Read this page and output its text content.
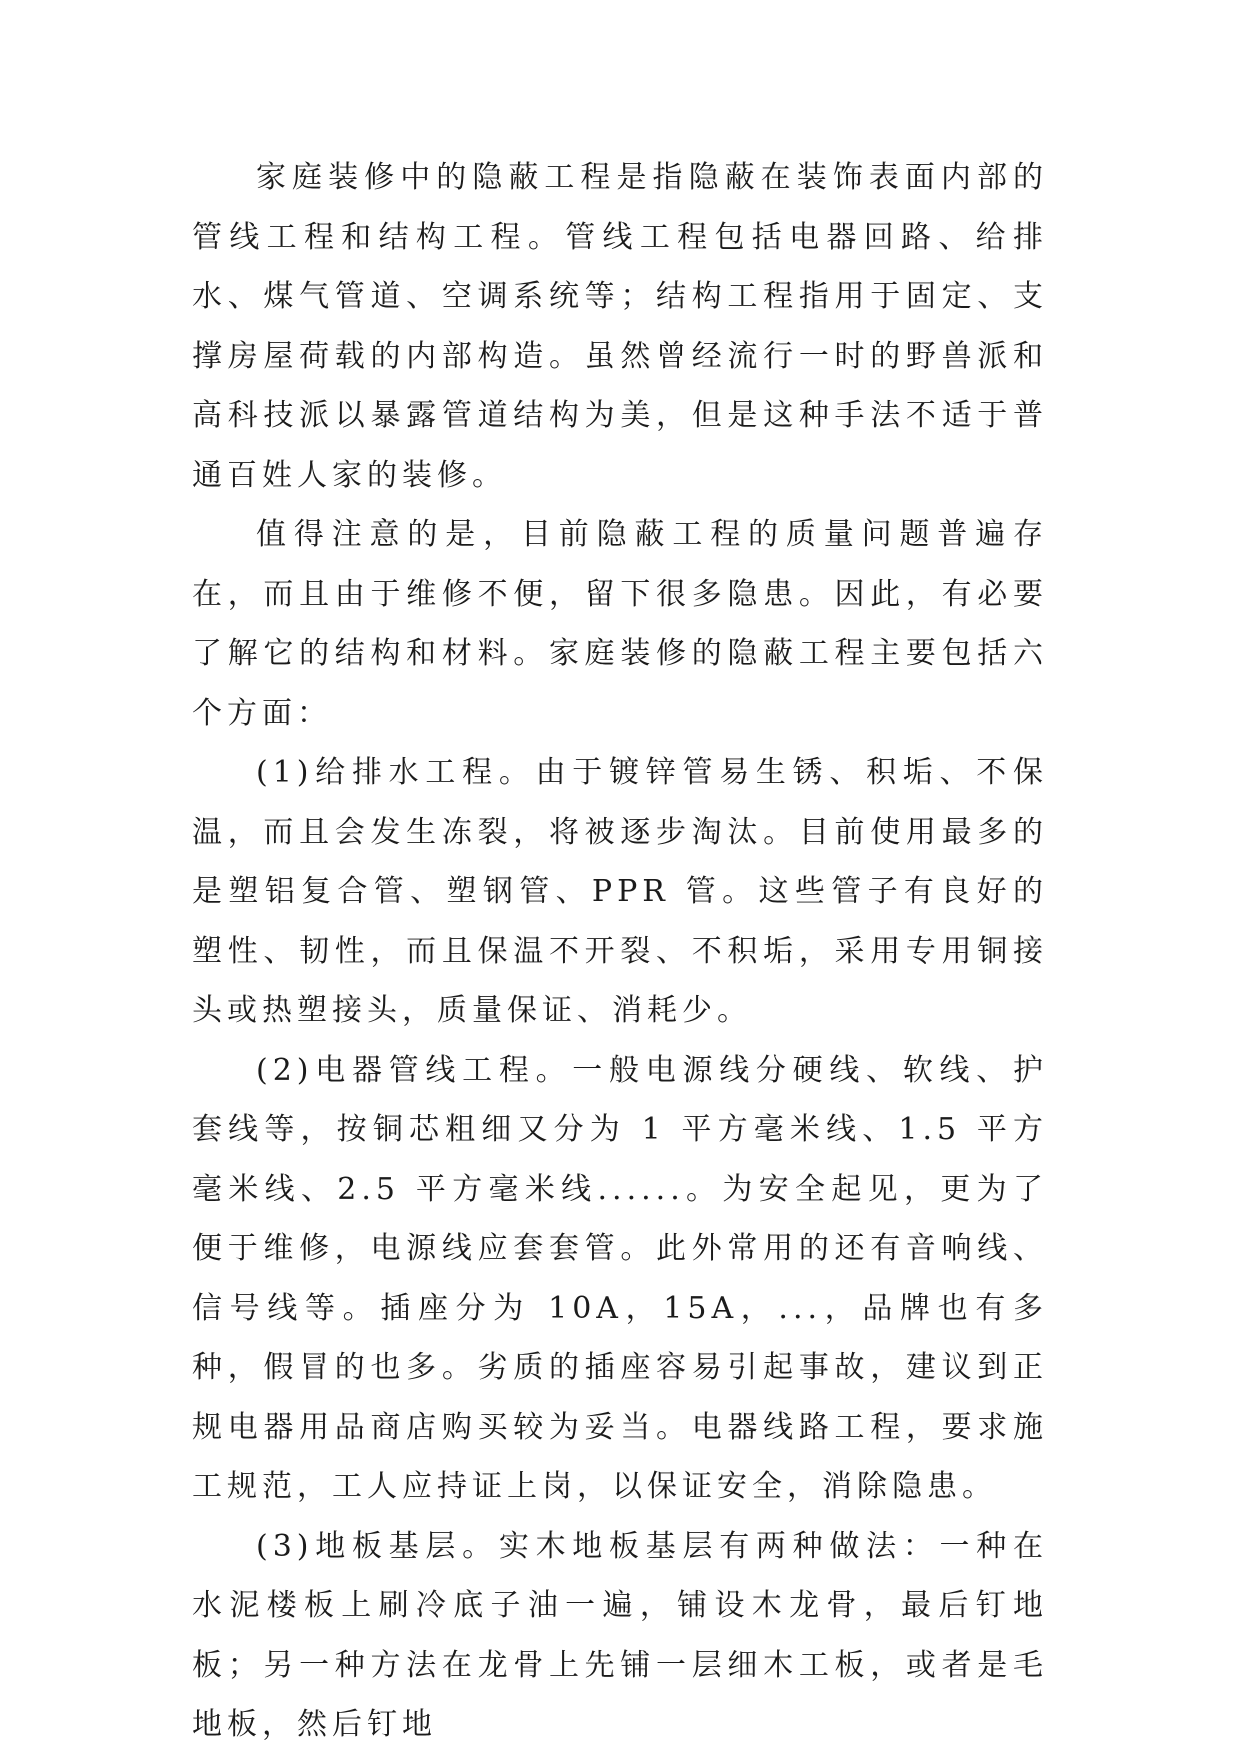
家庭装修中的隐蔽工程是指隐蔽在装饰表面内部的管线工程和结构工程。管线工程包括电器回路、给排水、煤气管道、空调系统等；结构工程指用于固定、支撑房屋荷载的内部构造。虽然曾经流行一时的野兽派和高科技派以暴露管道结构为美，但是这种手法不适于普通百姓人家的装修。

值得注意的是，目前隐蔽工程的质量问题普遍存在，而且由于维修不便，留下很多隐患。因此，有必要了解它的结构和材料。家庭装修的隐蔽工程主要包括六个方面：

(1)给排水工程。由于镀锌管易生锈、积垢、不保温，而且会发生冻裂，将被逐步淘汰。目前使用最多的是塑铝复合管、塑钢管、PPR 管。这些管子有良好的塑性、韧性，而且保温不开裂、不积垢，采用专用铜接头或热塑接头，质量保证、消耗少。

(2)电器管线工程。一般电源线分硬线、软线、护套线等，按铜芯粗细又分为 1 平方毫米线、1.5 平方毫米线、2.5 平方毫米线......。为安全起见，更为了便于维修，电源线应套套管。此外常用的还有音响线、信号线等。插座分为 10A，15A，...，品牌也有多种，假冒的也多。劣质的插座容易引起事故，建议到正规电器用品商店购买较为妥当。电器线路工程，要求施工规范，工人应持证上岗，以保证安全，消除隐患。

(3)地板基层。实木地板基层有两种做法：一种在水泥楼板上刷冷底子油一遍，铺设木龙骨，最后钉地板；另一种方法在龙骨上先铺一层细木工板，或者是毛地板，然后钉地
